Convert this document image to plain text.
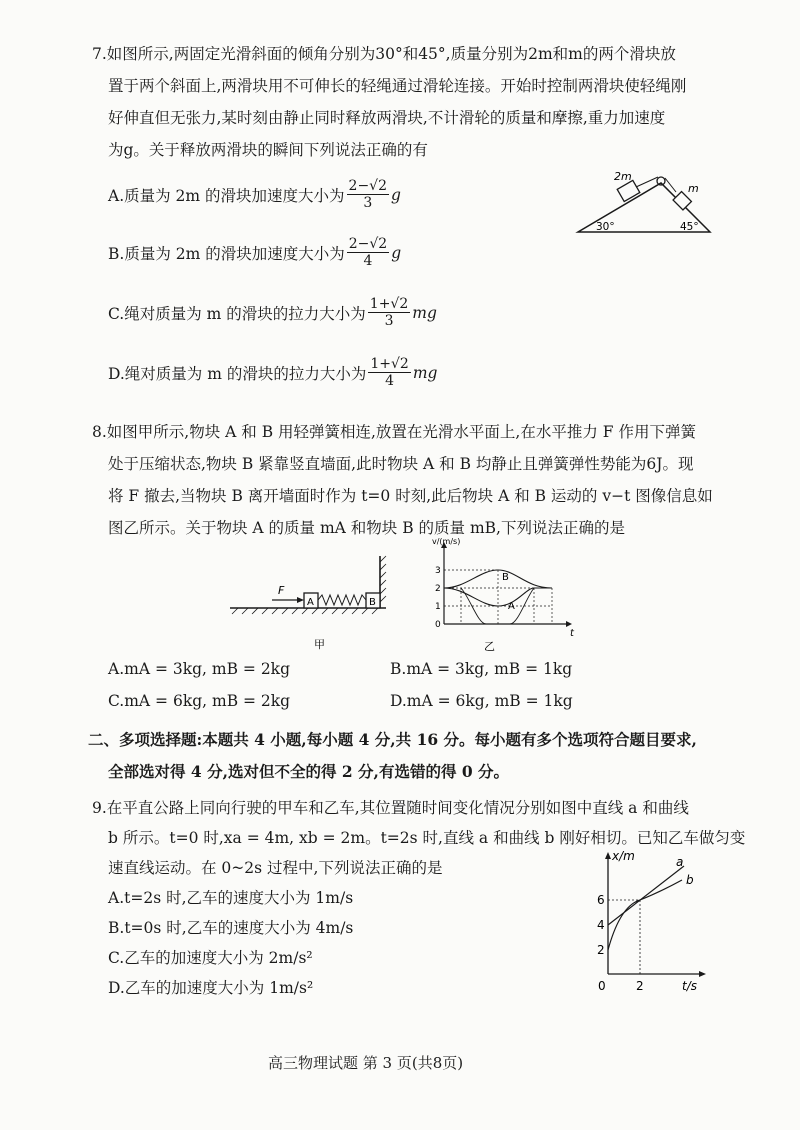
7.如图所示,两固定光滑斜面的倾角分别为30°和45°,质量分别为2m和m的两个滑块放
置于两个斜面上,两滑块用不可伸长的轻绳通过滑轮连接。开始时控制两滑块使轻绳刚
好伸直但无张力,某时刻由静止同时释放两滑块,不计滑轮的质量和摩擦,重力加速度
为g。关于释放两滑块的瞬间下列说法正确的有
A.质量为 2m 的滑块加速度大小为 $\frac{2-√2}{3}$ g
B.质量为 2m 的滑块加速度大小为 $\frac{2-√2}{4}$ g
C.绳对质量为 m 的滑块的拉力大小为 $\frac{1+√2}{3}$ mg
D.绳对质量为 m 的滑块的拉力大小为 $\frac{1+√2}{4}$ mg
2m
m
30°	45°
8.如图甲所示,物块 A 和 B 用轻弹簧相连,放置在光滑水平面上,在水平推力 F 作用下弹簧
处于压缩状态,物块 B 紧靠竖直墙面,此时物块 A 和 B 均静止且弹簧弹性势能为6J。现
将 F 撤去,当物块 B 离开墙面时作为 t=0 时刻,此后物块 A 和 B 运动的 v−t 图像信息如
图乙所示。关于物块 A 的质量 mA 和物块 B 的质量 mB,下列说法正确的是
F
A	B
甲
v/(m/s)
t
3
2
1
0
B
A
乙
A.mA = 3kg, mB = 2kg	B.mA = 3kg, mB = 1kg
C.mA = 6kg, mB = 2kg	D.mA = 6kg, mB = 1kg
二、多项选择题:本题共 4 小题,每小题 4 分,共 16 分。每小题有多个选项符合题目要求,
全部选对得 4 分,选对但不全的得 2 分,有选错的得 0 分。
9.在平直公路上同向行驶的甲车和乙车,其位置随时间变化情况分别如图中直线 a 和曲线
b 所示。t=0 时,xa = 4m, xb = 2m。t=2s 时,直线 a 和曲线 b 刚好相切。已知乙车做匀变
速直线运动。在 0~2s 过程中,下列说法正确的是
A.t=2s 时,乙车的速度大小为 1m/s
B.t=0s 时,乙车的速度大小为 4m/s
C.乙车的加速度大小为 2m/s²
D.乙车的加速度大小为 1m/s²
x/m
t/s
6
4
2
0	2
a
b
高三物理试题 第 3 页(共8页)
